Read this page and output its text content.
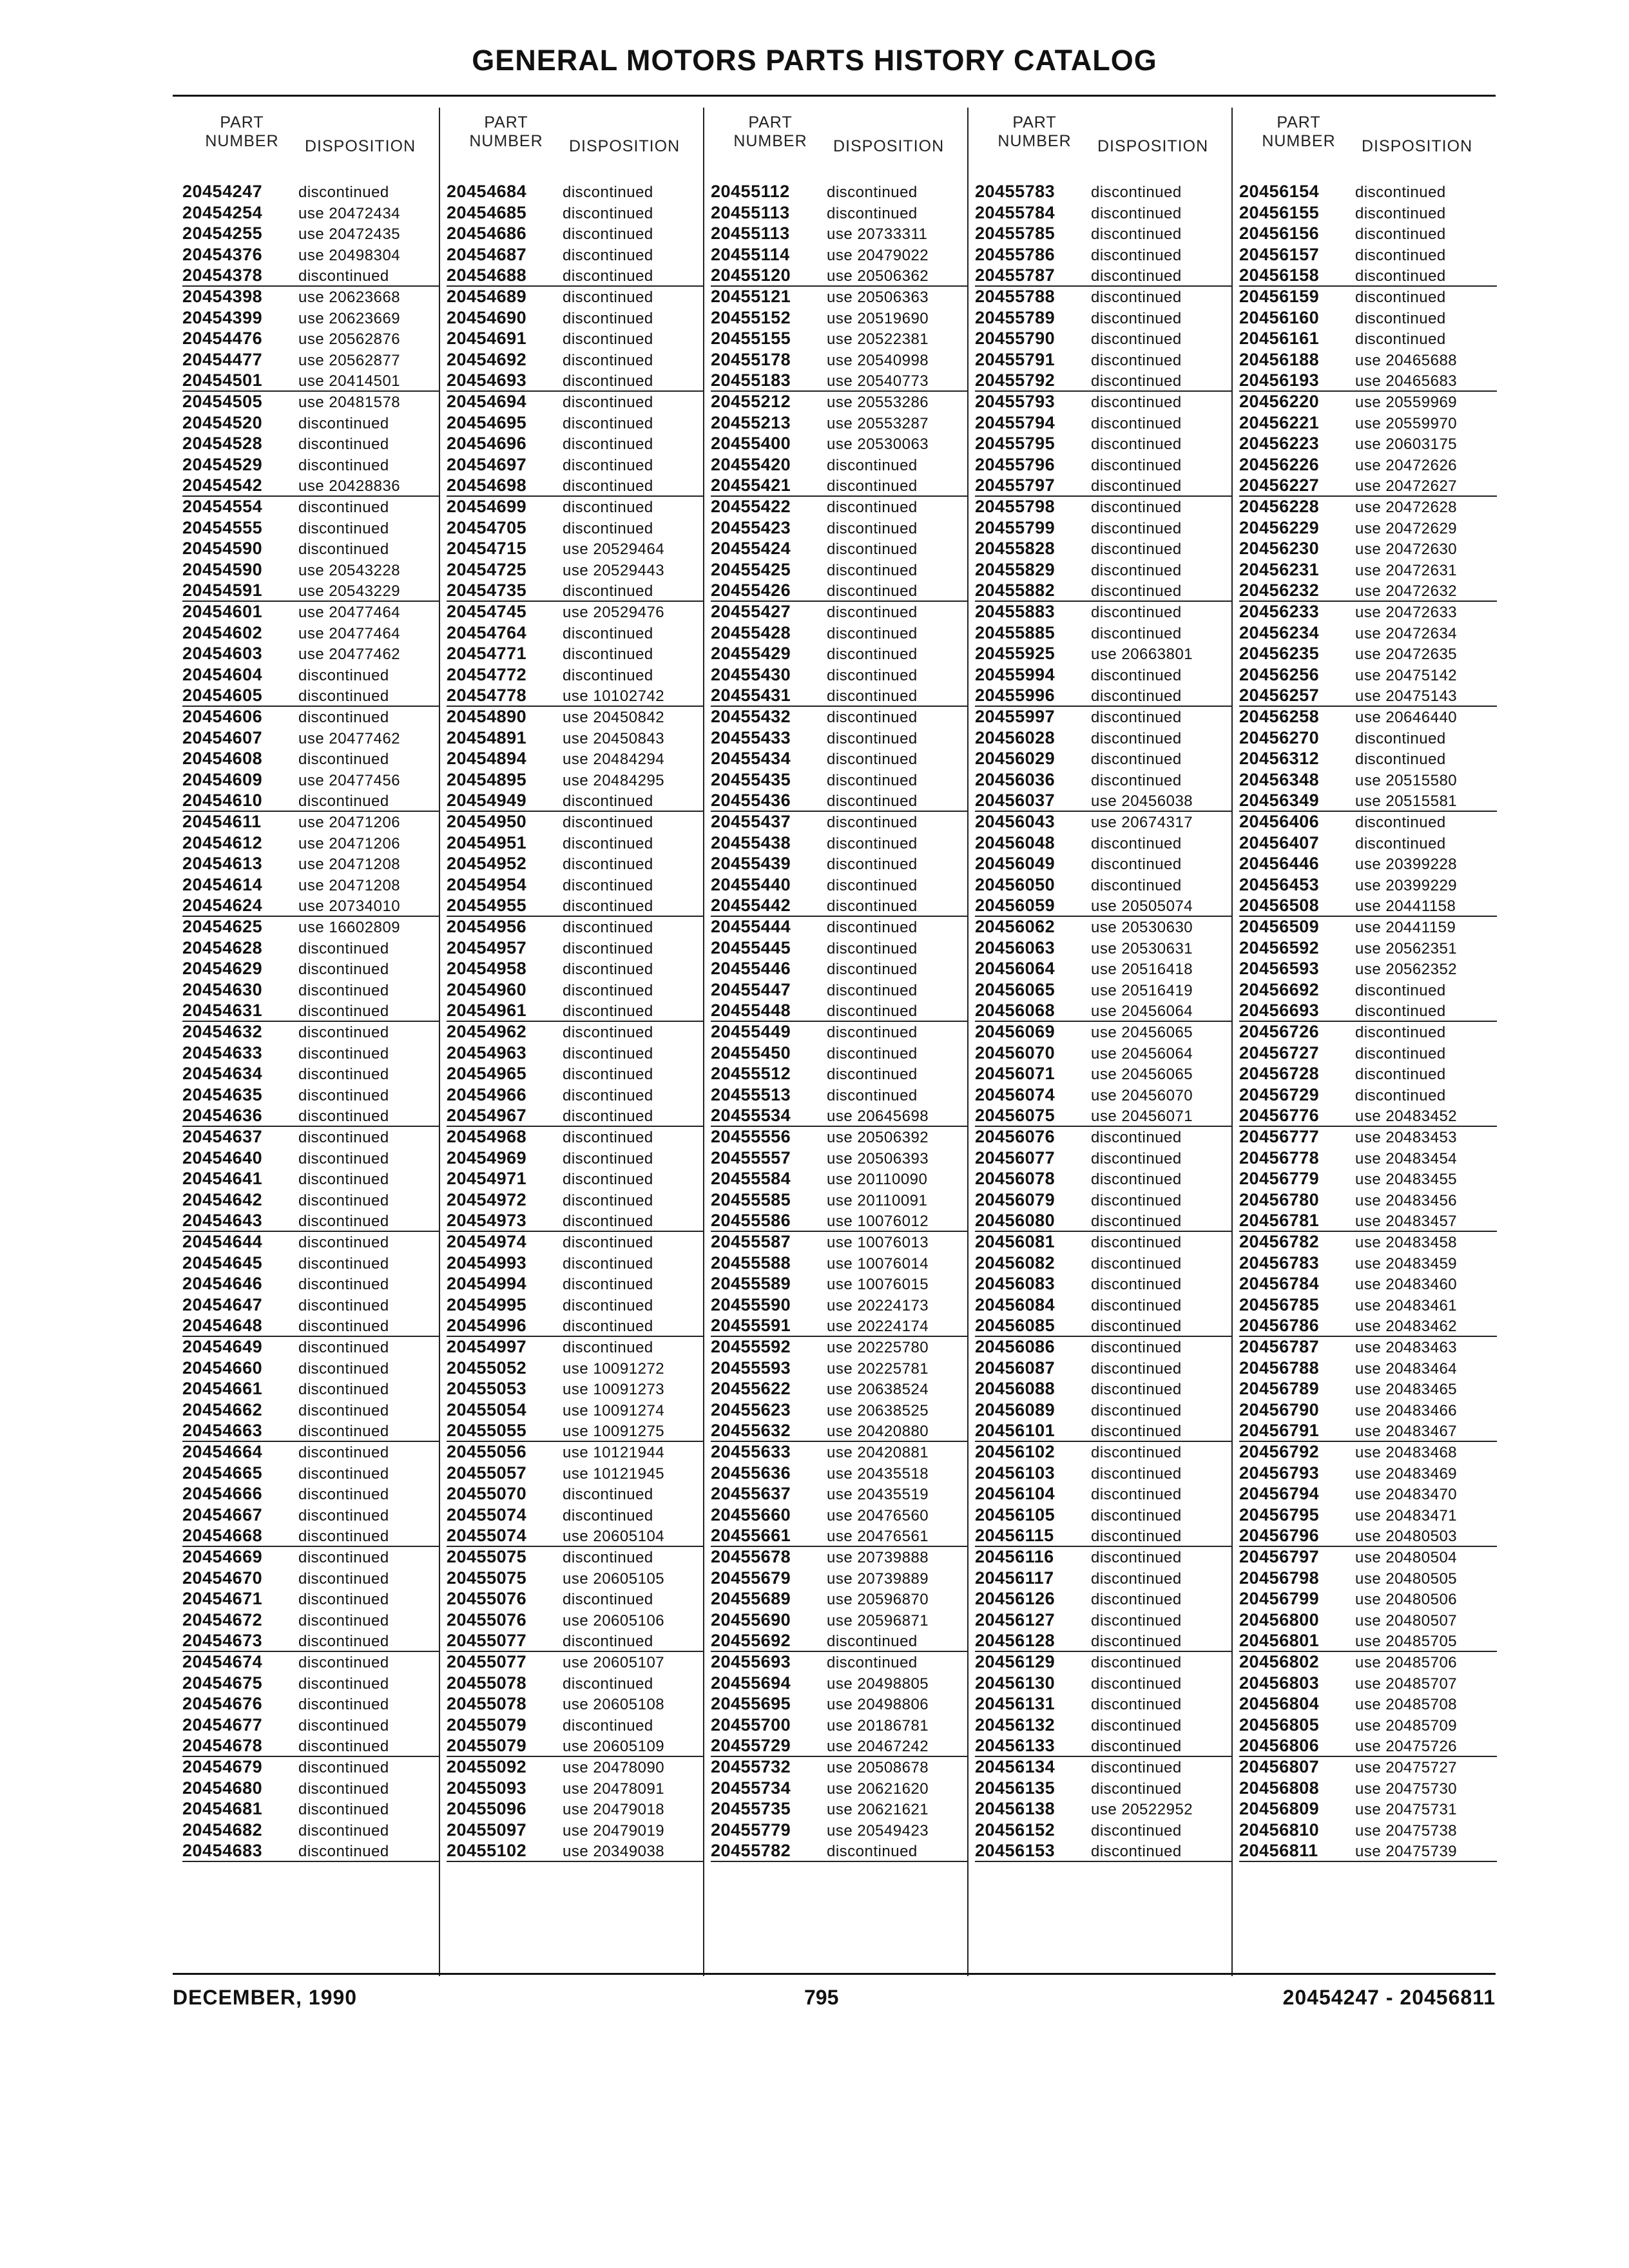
GENERAL MOTORS PARTS HISTORY CATALOG
PART
NUMBER	DISPOSITION
PART
NUMBER	DISPOSITION
PART
NUMBER	DISPOSITION
PART
NUMBER	DISPOSITION
PART
NUMBER	DISPOSITION
20454247 discontinued
20454254 use 20472434
20454255 use 20472435
20454376 use 20498304
20454378 discontinued
20454398 use 20623668
20454399 use 20623669
20454476 use 20562876
20454477 use 20562877
20454501 use 20414501
20454505 use 20481578
20454520 discontinued
20454528 discontinued
20454529 discontinued
20454542 use 20428836
20454554 discontinued
20454555 discontinued
20454590 discontinued
20454590 use 20543228
20454591 use 20543229
20454601 use 20477464
20454602 use 20477464
20454603 use 20477462
20454604 discontinued
20454605 discontinued
20454606 discontinued
20454607 use 20477462
20454608 discontinued
20454609 use 20477456
20454610 discontinued
20454611 use 20471206
20454612 use 20471206
20454613 use 20471208
20454614 use 20471208
20454624 use 20734010
20454625 use 16602809
20454628 discontinued
20454629 discontinued
20454630 discontinued
20454631 discontinued
20454632 discontinued
20454633 discontinued
20454634 discontinued
20454635 discontinued
20454636 discontinued
20454637 discontinued
20454640 discontinued
20454641 discontinued
20454642 discontinued
20454643 discontinued
20454644 discontinued
20454645 discontinued
20454646 discontinued
20454647 discontinued
20454648 discontinued
20454649 discontinued
20454660 discontinued
20454661 discontinued
20454662 discontinued
20454663 discontinued
20454664 discontinued
20454665 discontinued
20454666 discontinued
20454667 discontinued
20454668 discontinued
20454669 discontinued
20454670 discontinued
20454671 discontinued
20454672 discontinued
20454673 discontinued
20454674 discontinued
20454675 discontinued
20454676 discontinued
20454677 discontinued
20454678 discontinued
20454679 discontinued
20454680 discontinued
20454681 discontinued
20454682 discontinued
20454683 discontinued
20454684 discontinued
20454685 discontinued
20454686 discontinued
20454687 discontinued
20454688 discontinued
20454689 discontinued
20454690 discontinued
20454691 discontinued
20454692 discontinued
20454693 discontinued
20454694 discontinued
20454695 discontinued
20454696 discontinued
20454697 discontinued
20454698 discontinued
20454699 discontinued
20454705 discontinued
20454715 use 20529464
20454725 use 20529443
20454735 discontinued
20454745 use 20529476
20454764 discontinued
20454771 discontinued
20454772 discontinued
20454778 use 10102742
20454890 use 20450842
20454891 use 20450843
20454894 use 20484294
20454895 use 20484295
20454949 discontinued
20454950 discontinued
20454951 discontinued
20454952 discontinued
20454954 discontinued
20454955 discontinued
20454956 discontinued
20454957 discontinued
20454958 discontinued
20454960 discontinued
20454961 discontinued
20454962 discontinued
20454963 discontinued
20454965 discontinued
20454966 discontinued
20454967 discontinued
20454968 discontinued
20454969 discontinued
20454971 discontinued
20454972 discontinued
20454973 discontinued
20454974 discontinued
20454993 discontinued
20454994 discontinued
20454995 discontinued
20454996 discontinued
20454997 discontinued
20455052 use 10091272
20455053 use 10091273
20455054 use 10091274
20455055 use 10091275
20455056 use 10121944
20455057 use 10121945
20455070 discontinued
20455074 discontinued
20455074 use 20605104
20455075 discontinued
20455075 use 20605105
20455076 discontinued
20455076 use 20605106
20455077 discontinued
20455077 use 20605107
20455078 discontinued
20455078 use 20605108
20455079 discontinued
20455079 use 20605109
20455092 use 20478090
20455093 use 20478091
20455096 use 20479018
20455097 use 20479019
20455102 use 20349038
20455112 discontinued
20455113 discontinued
20455113 use 20733311
20455114 use 20479022
20455120 use 20506362
20455121 use 20506363
20455152 use 20519690
20455155 use 20522381
20455178 use 20540998
20455183 use 20540773
20455212 use 20553286
20455213 use 20553287
20455400 use 20530063
20455420 discontinued
20455421 discontinued
20455422 discontinued
20455423 discontinued
20455424 discontinued
20455425 discontinued
20455426 discontinued
20455427 discontinued
20455428 discontinued
20455429 discontinued
20455430 discontinued
20455431 discontinued
20455432 discontinued
20455433 discontinued
20455434 discontinued
20455435 discontinued
20455436 discontinued
20455437 discontinued
20455438 discontinued
20455439 discontinued
20455440 discontinued
20455442 discontinued
20455444 discontinued
20455445 discontinued
20455446 discontinued
20455447 discontinued
20455448 discontinued
20455449 discontinued
20455450 discontinued
20455512 discontinued
20455513 discontinued
20455534 use 20645698
20455556 use 20506392
20455557 use 20506393
20455584 use 20110090
20455585 use 20110091
20455586 use 10076012
20455587 use 10076013
20455588 use 10076014
20455589 use 10076015
20455590 use 20224173
20455591 use 20224174
20455592 use 20225780
20455593 use 20225781
20455622 use 20638524
20455623 use 20638525
20455632 use 20420880
20455633 use 20420881
20455636 use 20435518
20455637 use 20435519
20455660 use 20476560
20455661 use 20476561
20455678 use 20739888
20455679 use 20739889
20455689 use 20596870
20455690 use 20596871
20455692 discontinued
20455693 discontinued
20455694 use 20498805
20455695 use 20498806
20455700 use 20186781
20455729 use 20467242
20455732 use 20508678
20455734 use 20621620
20455735 use 20621621
20455779 use 20549423
20455782 discontinued
20455783 discontinued
20455784 discontinued
20455785 discontinued
20455786 discontinued
20455787 discontinued
20455788 discontinued
20455789 discontinued
20455790 discontinued
20455791 discontinued
20455792 discontinued
20455793 discontinued
20455794 discontinued
20455795 discontinued
20455796 discontinued
20455797 discontinued
20455798 discontinued
20455799 discontinued
20455828 discontinued
20455829 discontinued
20455882 discontinued
20455883 discontinued
20455885 discontinued
20455925 use 20663801
20455994 discontinued
20455996 discontinued
20455997 discontinued
20456028 discontinued
20456029 discontinued
20456036 discontinued
20456037 use 20456038
20456043 use 20674317
20456048 discontinued
20456049 discontinued
20456050 discontinued
20456059 use 20505074
20456062 use 20530630
20456063 use 20530631
20456064 use 20516418
20456065 use 20516419
20456068 use 20456064
20456069 use 20456065
20456070 use 20456064
20456071 use 20456065
20456074 use 20456070
20456075 use 20456071
20456076 discontinued
20456077 discontinued
20456078 discontinued
20456079 discontinued
20456080 discontinued
20456081 discontinued
20456082 discontinued
20456083 discontinued
20456084 discontinued
20456085 discontinued
20456086 discontinued
20456087 discontinued
20456088 discontinued
20456089 discontinued
20456101 discontinued
20456102 discontinued
20456103 discontinued
20456104 discontinued
20456105 discontinued
20456115 discontinued
20456116 discontinued
20456117 discontinued
20456126 discontinued
20456127 discontinued
20456128 discontinued
20456129 discontinued
20456130 discontinued
20456131 discontinued
20456132 discontinued
20456133 discontinued
20456134 discontinued
20456135 discontinued
20456138 use 20522952
20456152 discontinued
20456153 discontinued
20456154 discontinued
20456155 discontinued
20456156 discontinued
20456157 discontinued
20456158 discontinued
20456159 discontinued
20456160 discontinued
20456161 discontinued
20456188 use 20465688
20456193 use 20465683
20456220 use 20559969
20456221 use 20559970
20456223 use 20603175
20456226 use 20472626
20456227 use 20472627
20456228 use 20472628
20456229 use 20472629
20456230 use 20472630
20456231 use 20472631
20456232 use 20472632
20456233 use 20472633
20456234 use 20472634
20456235 use 20472635
20456256 use 20475142
20456257 use 20475143
20456258 use 20646440
20456270 discontinued
20456312 discontinued
20456348 use 20515580
20456349 use 20515581
20456406 discontinued
20456407 discontinued
20456446 use 20399228
20456453 use 20399229
20456508 use 20441158
20456509 use 20441159
20456592 use 20562351
20456593 use 20562352
20456692 discontinued
20456693 discontinued
20456726 discontinued
20456727 discontinued
20456728 discontinued
20456729 discontinued
20456776 use 20483452
20456777 use 20483453
20456778 use 20483454
20456779 use 20483455
20456780 use 20483456
20456781 use 20483457
20456782 use 20483458
20456783 use 20483459
20456784 use 20483460
20456785 use 20483461
20456786 use 20483462
20456787 use 20483463
20456788 use 20483464
20456789 use 20483465
20456790 use 20483466
20456791 use 20483467
20456792 use 20483468
20456793 use 20483469
20456794 use 20483470
20456795 use 20483471
20456796 use 20480503
20456797 use 20480504
20456798 use 20480505
20456799 use 20480506
20456800 use 20480507
20456801 use 20485705
20456802 use 20485706
20456803 use 20485707
20456804 use 20485708
20456805 use 20485709
20456806 use 20475726
20456807 use 20475727
20456808 use 20475730
20456809 use 20475731
20456810 use 20475738
20456811 use 20475739
DECEMBER, 1990	795	20454247 - 20456811
